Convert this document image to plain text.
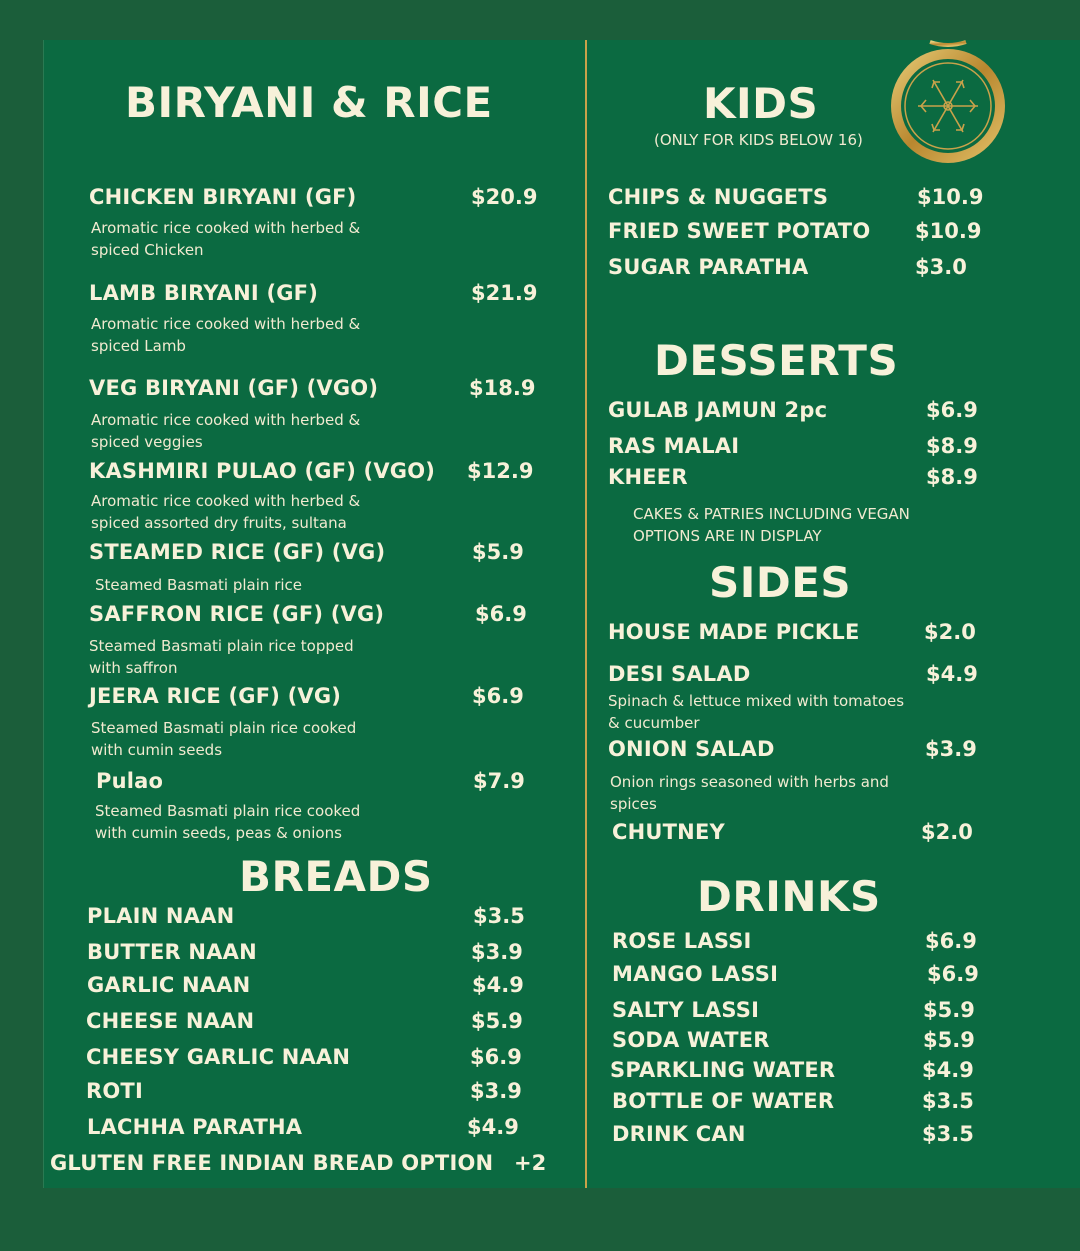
BIRYANI & RICE
CHICKEN BIRYANI (GF)	$20.9
Aromatic rice cooked with herbed &
spiced Chicken
LAMB BIRYANI (GF)	$21.9
Aromatic rice cooked with herbed &
spiced Lamb
VEG BIRYANI (GF) (VGO)	$18.9
Aromatic rice cooked with herbed &
spiced veggies
KASHMIRI PULAO (GF) (VGO) $12.9
Aromatic rice cooked with herbed &
spiced assorted dry fruits, sultana
STEAMED RICE (GF) (VG)	$5.9
Steamed Basmati plain rice
SAFFRON RICE (GF) (VG)	$6.9
Steamed Basmati plain rice topped
with saffron
JEERA RICE (GF) (VG)	$6.9
Steamed Basmati plain rice cooked
with cumin seeds
Pulao	$7.9
Steamed Basmati plain rice cooked
with cumin seeds, peas & onions
BREADS
PLAIN NAAN	$3.5
BUTTER NAAN	$3.9
GARLIC NAAN	$4.9
CHEESE NAAN	$5.9
CHEESY GARLIC NAAN	$6.9
ROTI	$3.9
LACHHA PARATHA	$4.9
GLUTEN FREE INDIAN BREAD OPTION +2
KIDS
(ONLY FOR KIDS BELOW 16)
CHIPS & NUGGETS	$10.9
FRIED SWEET POTATO $10.9
SUGAR PARATHA	$3.0
DESSERTS
GULAB JAMUN 2pc	$6.9
RAS MALAI	$8.9
KHEER	$8.9
CAKES & PATRIES INCLUDING VEGAN
OPTIONS ARE IN DISPLAY
SIDES
HOUSE MADE PICKLE	$2.0
DESI SALAD	$4.9
Spinach & lettuce mixed with tomatoes
& cucumber
ONION SALAD	$3.9
Onion rings seasoned with herbs and
spices
CHUTNEY	$2.0
DRINKS
ROSE LASSI	$6.9
MANGO LASSI	$6.9
SALTY LASSI	$5.9
SODA WATER	$5.9
SPARKLING WATER	$4.9
BOTTLE OF WATER	$3.5
DRINK CAN	$3.5
